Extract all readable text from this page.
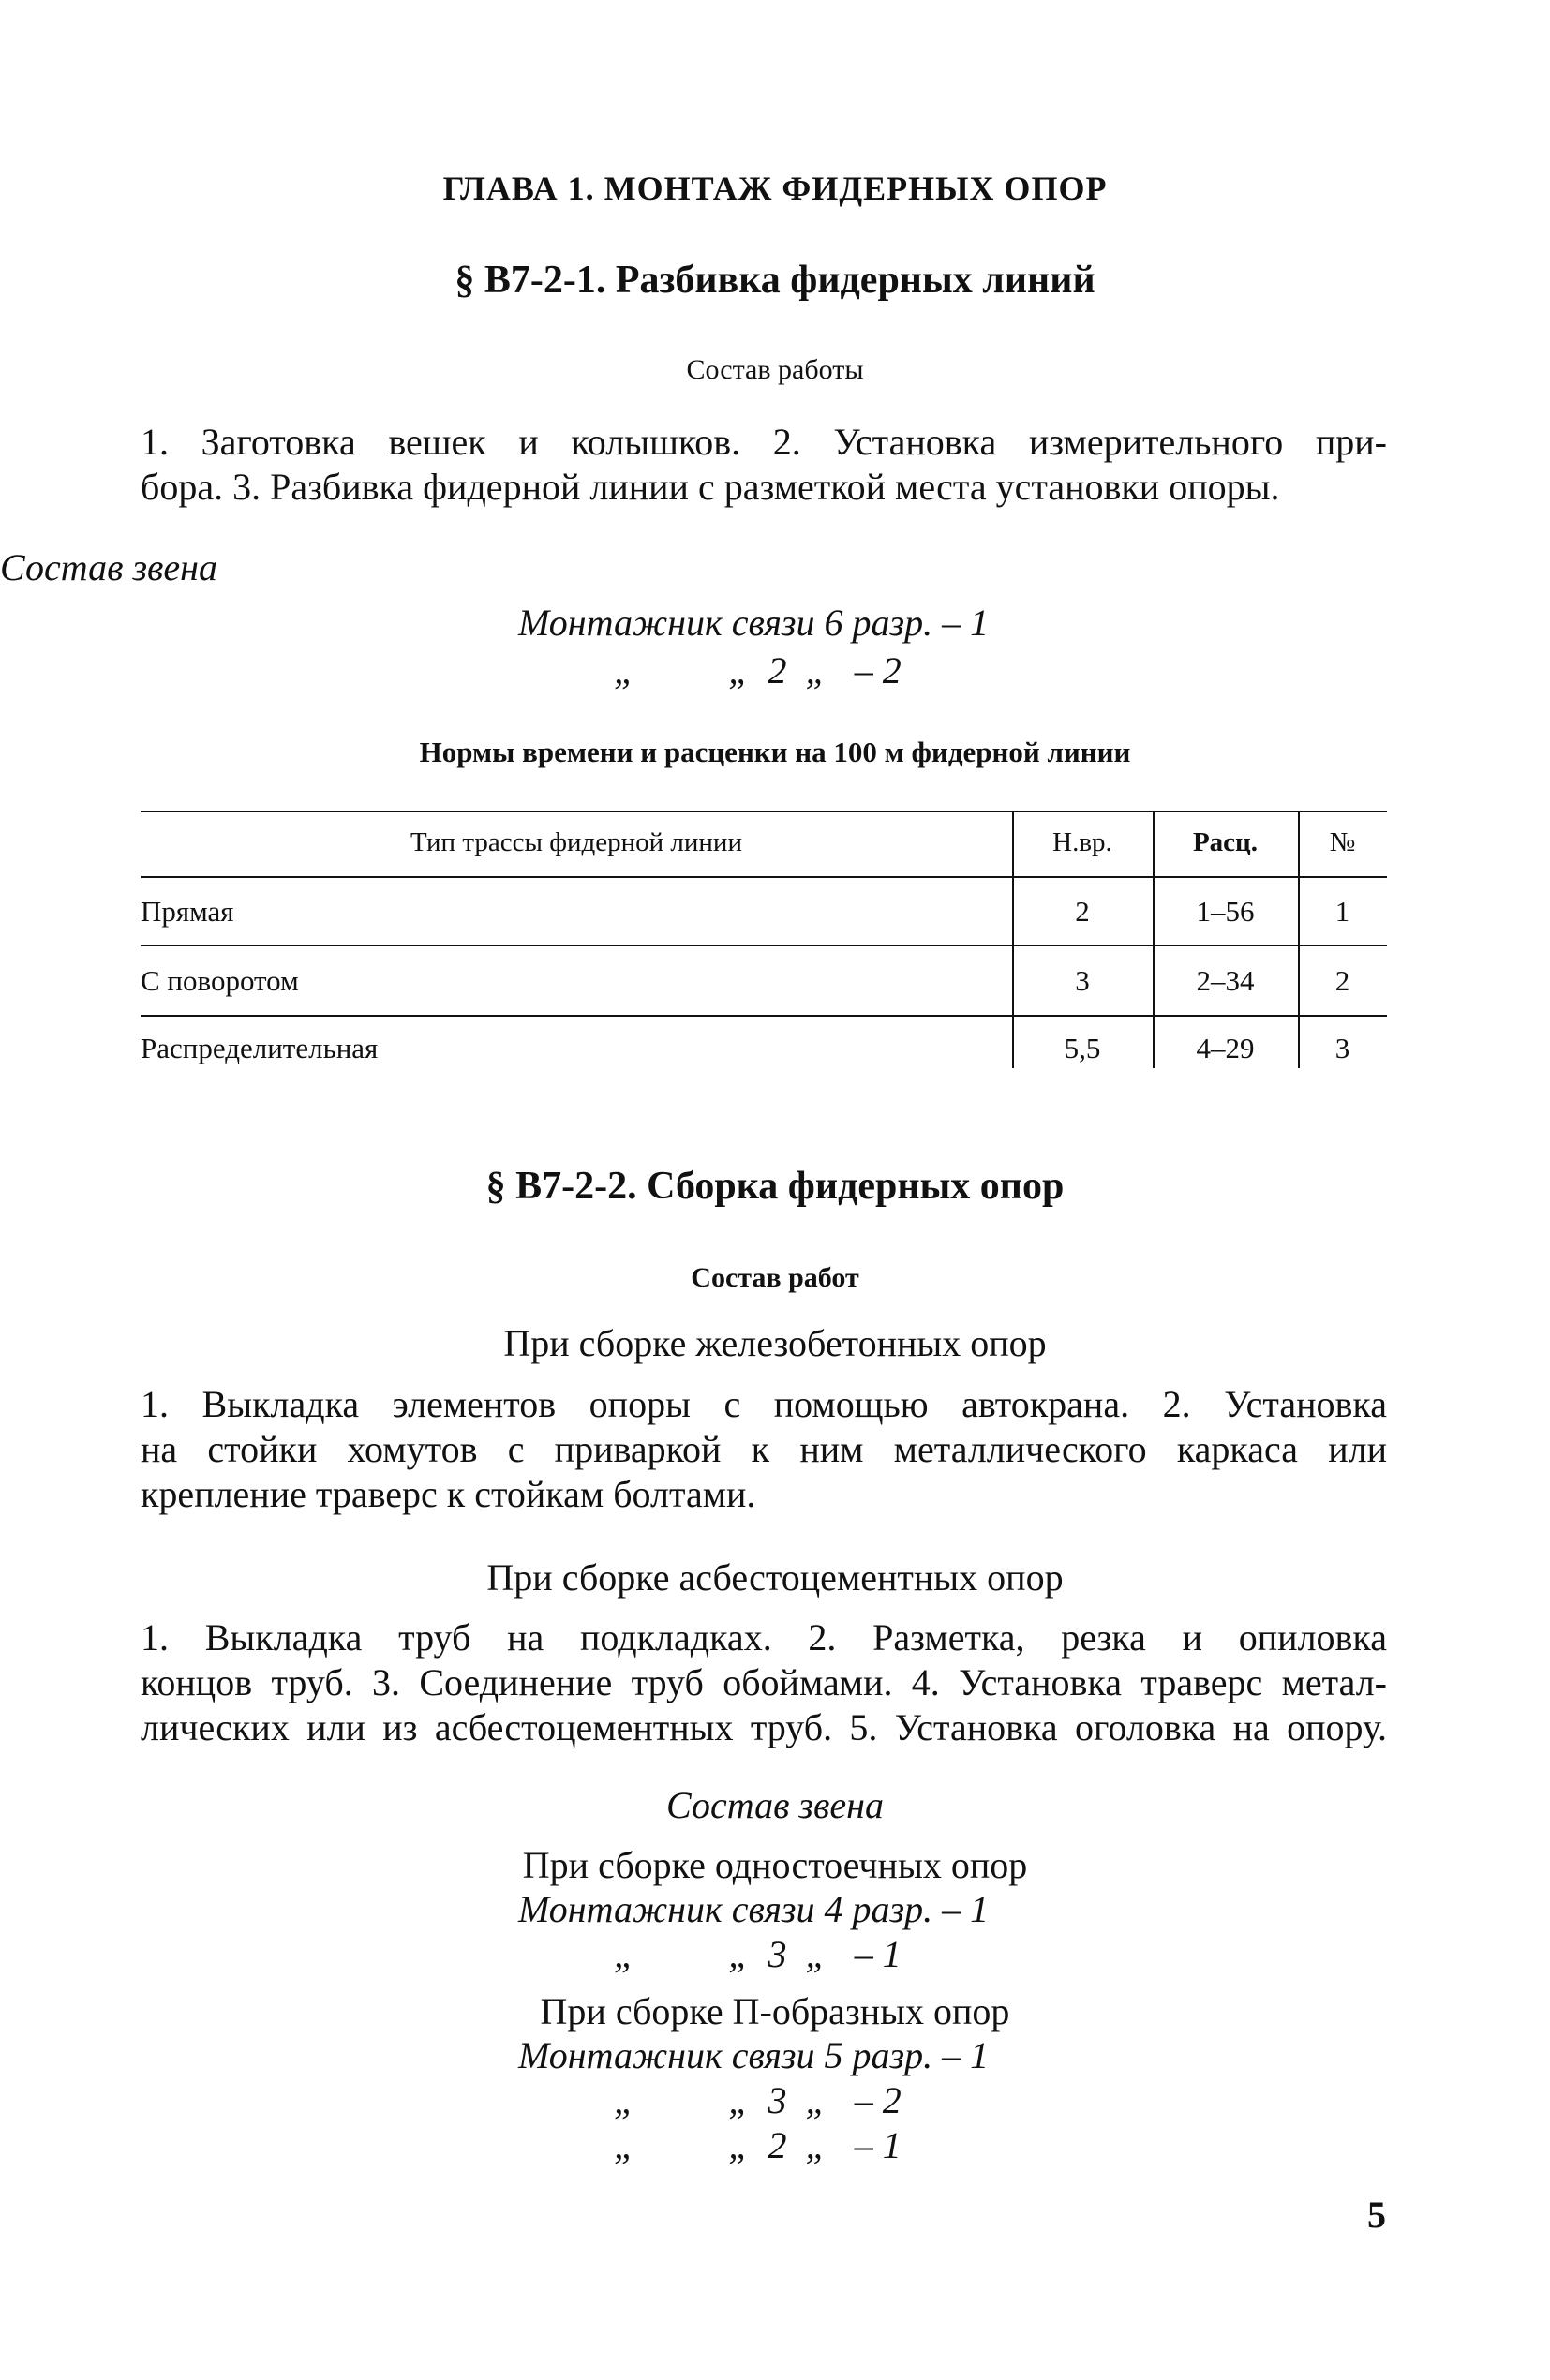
ГЛАВА 1. МОНТАЖ ФИДЕРНЫХ ОПОР
§ В7-2-1. Разбивка фидерных линий
Состав работы

1. Заготовка вешек и колышков. 2. Установка измерительного при-

бора. 3. Разбивка фидерной линии с разметкой места установки опоры.

Состав звена
Монтажник связи 6 разр. – 1
„          „  2  „   – 2
Нормы времени и расценки на 100 м фидерной линии
Тип трассы фидерной линии	Н.вр.	Расц.	№
Прямая	2	1–56	1
С поворотом	3	2–34	2
Распределительная	5,5	4–29	3
§ В7-2-2. Сборка фидерных опор
Состав работ
При сборке железобетонных опор

1. Выкладка элементов опоры с помощью автокрана. 2. Установка

на стойки хомутов с приваркой к ним металлического каркаса или

крепление траверс к стойкам болтами.

При сборке асбестоцементных опор

1. Выкладка труб на подкладках. 2. Разметка, резка и опиловка

концов труб. 3. Соединение труб обоймами. 4. Установка траверс метал-

лических или из асбестоцементных труб. 5. Установка оголовка на опору.

Состав звена
При сборке одностоечных опор
Монтажник связи 4 разр. – 1
„          „  3  „   – 1
При сборке П-образных опор
Монтажник связи 5 разр. – 1
„          „  3  „   – 2
„          „  2  „   – 1
5
